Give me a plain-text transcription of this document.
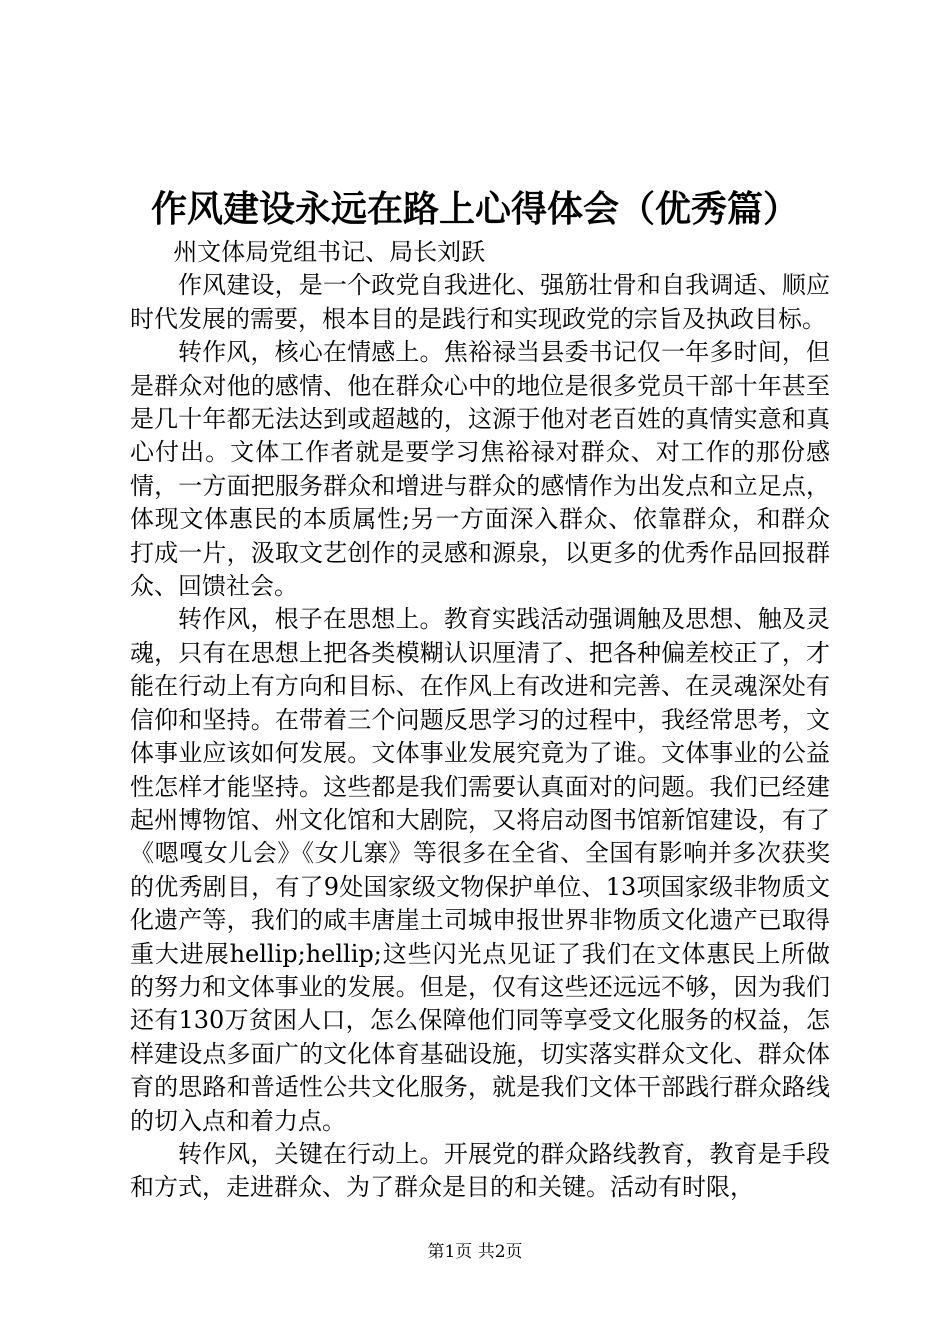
作风建设永远在路上心得体会（优秀篇）

州文体局党组书记、局长刘跃

作风建设，是一个政党自我进化、强筋壮骨和自我调适、顺应时代发展的需要，根本目的是践行和实现政党的宗旨及执政目标。

转作风，核心在情感上。焦裕禄当县委书记仅一年多时间，但是群众对他的感情、他在群众心中的地位是很多党员干部十年甚至是几十年都无法达到或超越的，这源于他对老百姓的真情实意和真心付出。文体工作者就是要学习焦裕禄对群众、对工作的那份感情，一方面把服务群众和增进与群众的感情作为出发点和立足点，体现文体惠民的本质属性;另一方面深入群众、依靠群众，和群众打成一片，汲取文艺创作的灵感和源泉，以更多的优秀作品回报群众、回馈社会。

转作风，根子在思想上。教育实践活动强调触及思想、触及灵魂，只有在思想上把各类模糊认识厘清了、把各种偏差校正了，才能在行动上有方向和目标、在作风上有改进和完善、在灵魂深处有信仰和坚持。在带着三个问题反思学习的过程中，我经常思考，文体事业应该如何发展。文体事业发展究竟为了谁。文体事业的公益性怎样才能坚持。这些都是我们需要认真面对的问题。我们已经建起州博物馆、州文化馆和大剧院，又将启动图书馆新馆建设，有了《嗯嘎女儿会》《女儿寨》等很多在全省、全国有影响并多次获奖的优秀剧目，有了9处国家级文物保护单位、13项国家级非物质文化遗产等，我们的咸丰唐崖土司城申报世界非物质文化遗产已取得重大进展hellip;hellip;这些闪光点见证了我们在文体惠民上所做的努力和文体事业的发展。但是，仅有这些还远远不够，因为我们还有130万贫困人口，怎么保障他们同等享受文化服务的权益，怎样建设点多面广的文化体育基础设施，切实落实群众文化、群众体育的思路和普适性公共文化服务，就是我们文体干部践行群众路线的切入点和着力点。

转作风，关键在行动上。开展党的群众路线教育，教育是手段和方式，走进群众、为了群众是目的和关键。活动有时限，

第1页 共2页
